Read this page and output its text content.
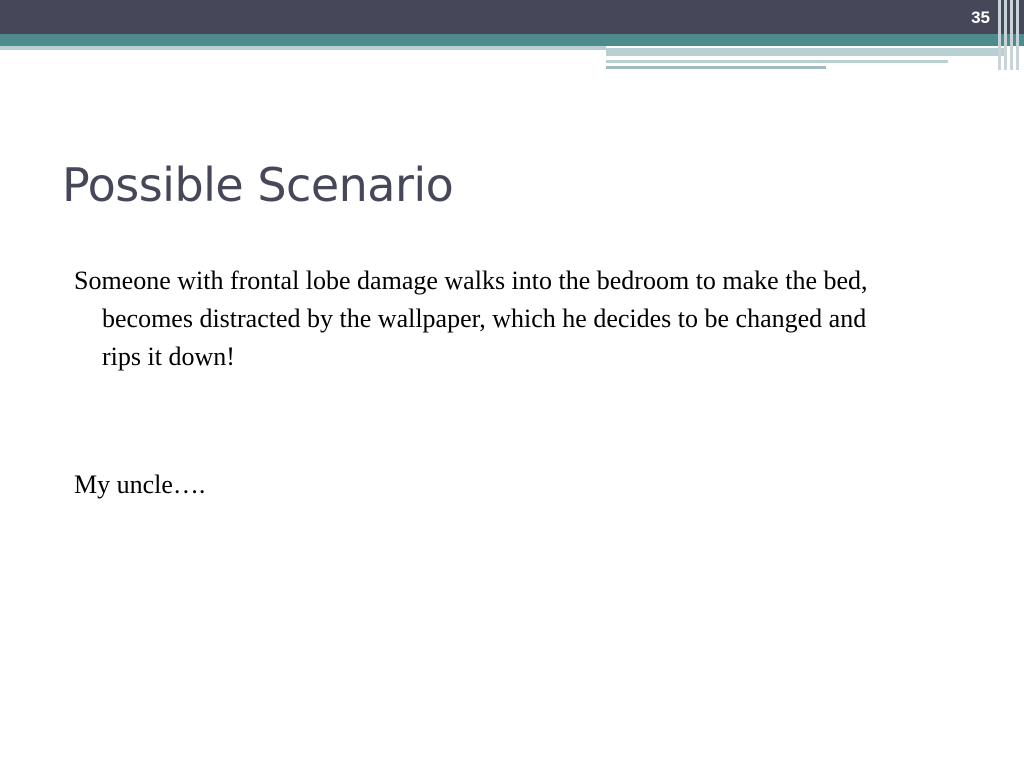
35
Possible Scenario

Someone with frontal lobe damage walks into the bedroom to make the bed, becomes distracted by the wallpaper, which he decides to be changed and rips it down!

My uncle….
